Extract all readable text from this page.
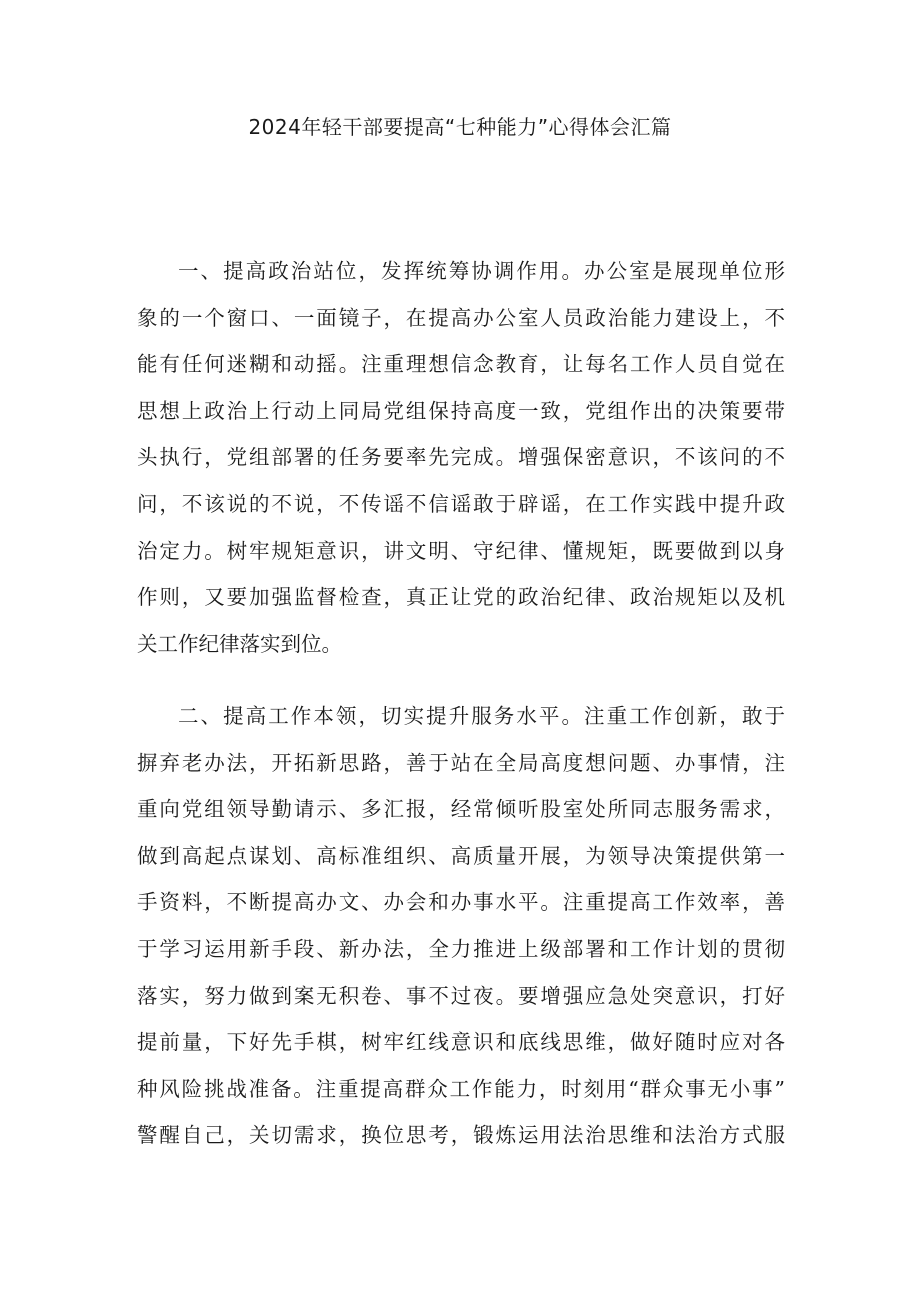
2024年轻干部要提高“七种能力”心得体会汇篇
一、提高政治站位，发挥统筹协调作用。办公室是展现单位形
象的一个窗口、一面镜子，在提高办公室人员政治能力建设上，不
能有任何迷糊和动摇。注重理想信念教育，让每名工作人员自觉在
思想上政治上行动上同局党组保持高度一致，党组作出的决策要带
头执行，党组部署的任务要率先完成。增强保密意识，不该问的不
问，不该说的不说，不传谣不信谣敢于辟谣，在工作实践中提升政
治定力。树牢规矩意识，讲文明、守纪律、懂规矩，既要做到以身
作则，又要加强监督检查，真正让党的政治纪律、政治规矩以及机
关工作纪律落实到位。
二、提高工作本领，切实提升服务水平。注重工作创新，敢于
摒弃老办法，开拓新思路，善于站在全局高度想问题、办事情，注
重向党组领导勤请示、多汇报，经常倾听股室处所同志服务需求，
做到高起点谋划、高标准组织、高质量开展，为领导决策提供第一
手资料，不断提高办文、办会和办事水平。注重提高工作效率，善
于学习运用新手段、新办法，全力推进上级部署和工作计划的贯彻
落实，努力做到案无积卷、事不过夜。要增强应急处突意识，打好
提前量，下好先手棋，树牢红线意识和底线思维，做好随时应对各
种风险挑战准备。注重提高群众工作能力，时刻用“群众事无小事”
警醒自己，关切需求，换位思考，锻炼运用法治思维和法治方式服
